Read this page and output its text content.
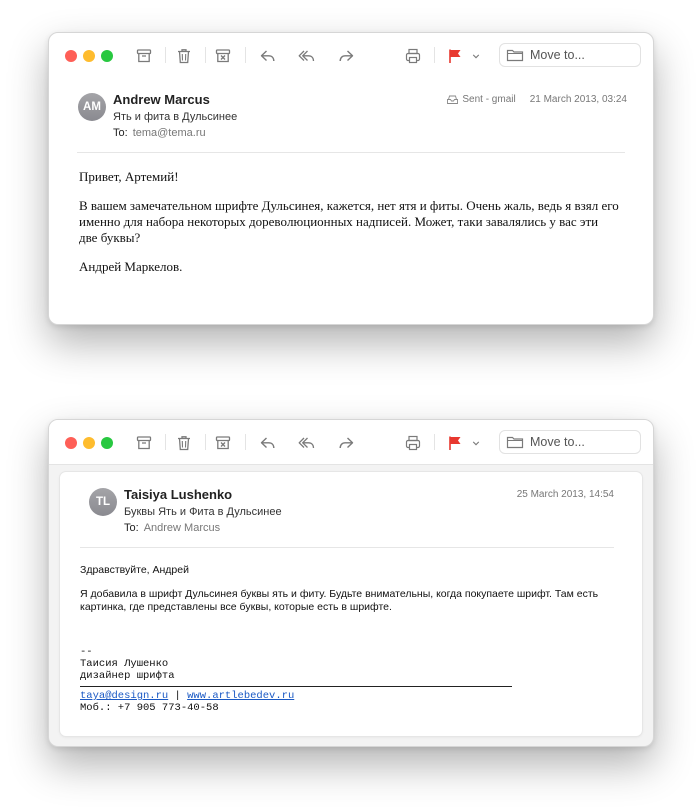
Move to...
AM Andrew Marcus
Ять и фита в Дульсинее
To: tema@tema.ru
Sent - gmail 21 March 2013, 03:24

Привет, Артемий!

В вашем замечательном шрифте Дульсинея, кажется, нет ятя и фиты. Очень жаль, ведь я взял его именно для набора некоторых доревoлюционных надписей. Может, таки завалялись у вас эти две буквы?

Андрей Маркелов.

Move to...
TL	Taisiya Lushenko
Буквы Ять и Фита в Дульсинее
To: Andrew Marcus
25 March 2013, 14:54

Здравствуйте, Андрей

Я добавила в шрифт Дульсинея буквы ять и фиту. Будьте внимательны, когда покупаете шрифт. Там есть картинка, где представлены все буквы, которые есть в шрифте.

--
Таисия Лушенко
дизайнер шрифта
taya@design.ru | www.artlebedev.ru
Моб.: +7 905 773-40-58
